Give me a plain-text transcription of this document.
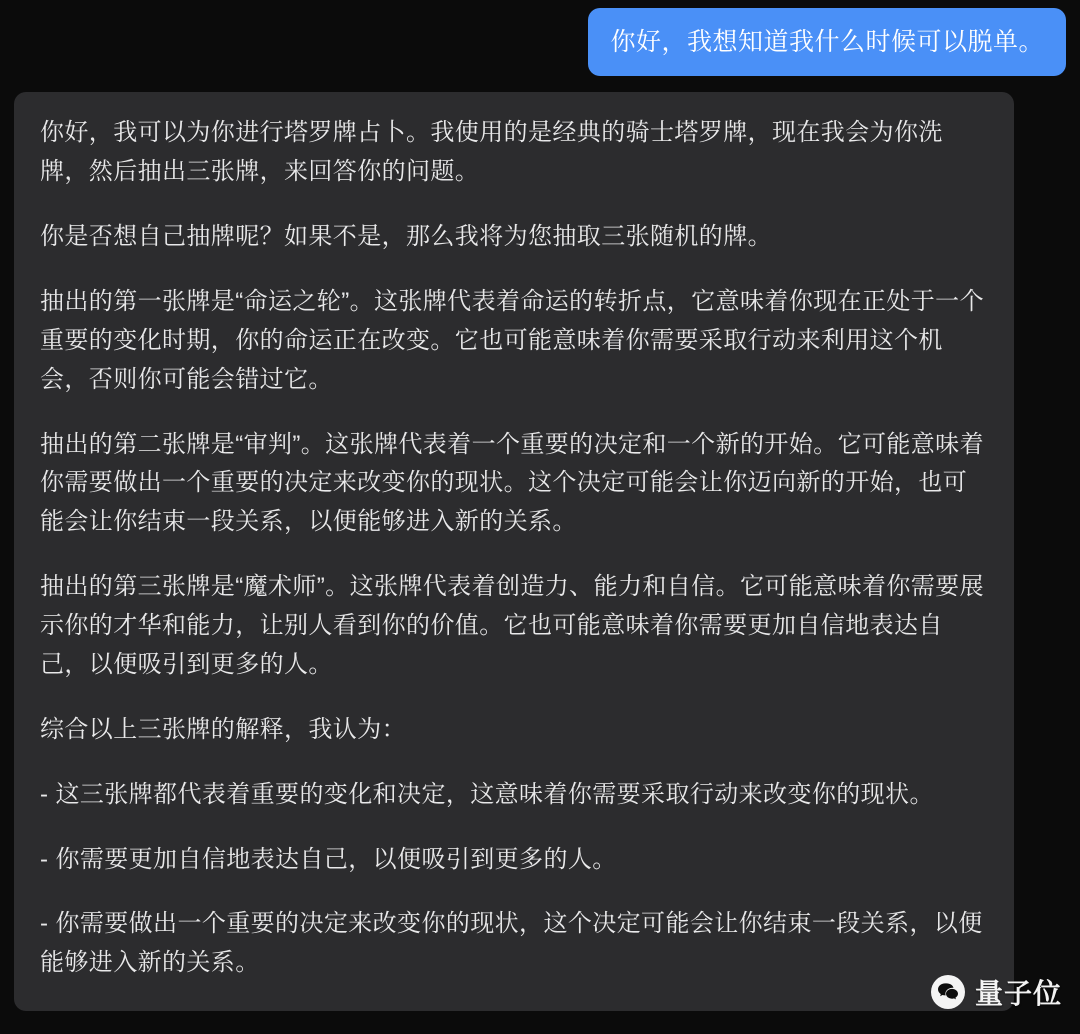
你好，我想知道我什么时候可以脱单。

你好，我可以为你进行塔罗牌占卜。我使用的是经典的骑士塔罗牌，现在我会为你洗牌，然后抽出三张牌，来回答你的问题。

你是否想自己抽牌呢？如果不是，那么我将为您抽取三张随机的牌。

抽出的第一张牌是“命运之轮”。这张牌代表着命运的转折点，它意味着你现在正处于一个重要的变化时期，你的命运正在改变。它也可能意味着你需要采取行动来利用这个机会，否则你可能会错过它。

抽出的第二张牌是“审判”。这张牌代表着一个重要的决定和一个新的开始。它可能意味着你需要做出一个重要的决定来改变你的现状。这个决定可能会让你迈向新的开始，也可能会让你结束一段关系，以便能够进入新的关系。

抽出的第三张牌是“魔术师”。这张牌代表着创造力、能力和自信。它可能意味着你需要展示你的才华和能力，让别人看到你的价值。它也可能意味着你需要更加自信地表达自己，以便吸引到更多的人。

综合以上三张牌的解释，我认为：

- 这三张牌都代表着重要的变化和决定，这意味着你需要采取行动来改变你的现状。

- 你需要更加自信地表达自己，以便吸引到更多的人。

- 你需要做出一个重要的决定来改变你的现状，这个决定可能会让你结束一段关系，以便能够进入新的关系。

量子位
